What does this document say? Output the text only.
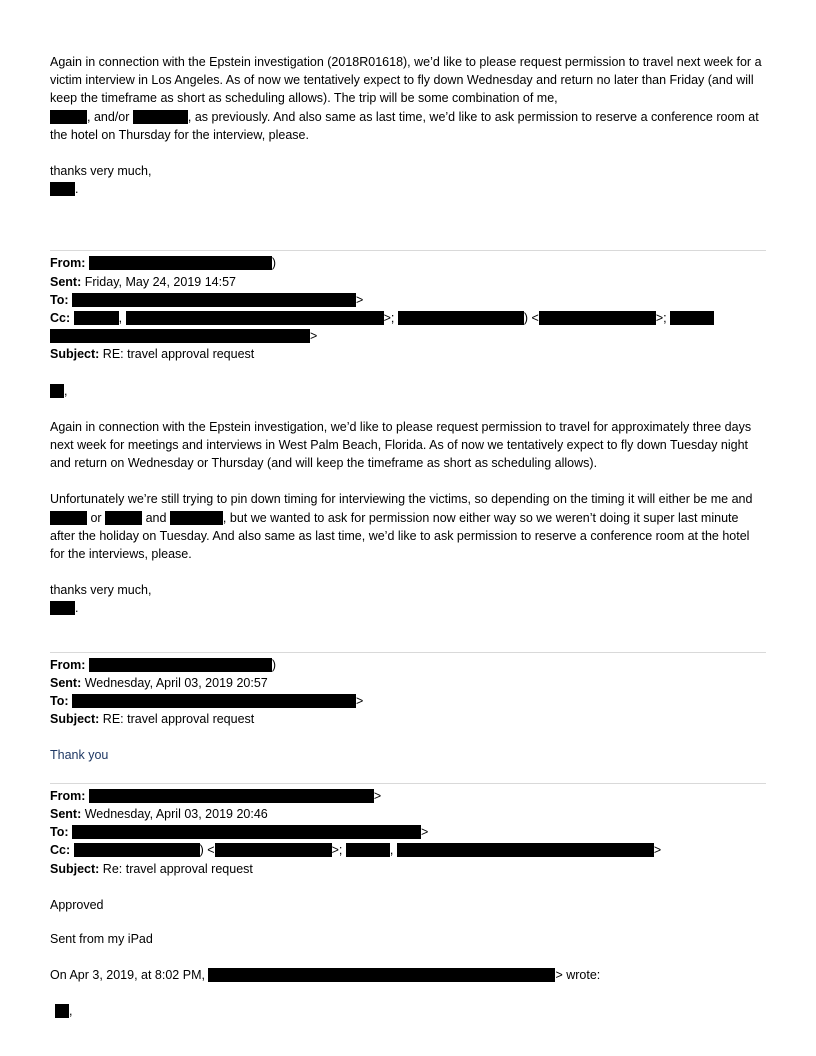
Again in connection with the Epstein investigation (2018R01618), we’d like to please request permission to travel next week for a victim interview in Los Angeles. As of now we tentatively expect to fly down Wednesday and return no later than Friday (and will keep the timeframe as short as scheduling allows). The trip will be some combination of me,
, and/or	, as previously. And also same as last time, we’d like to ask permission to reserve a conference room at the hotel on Thursday for the interview, please.

thanks very much,

.

From:	)
Sent: Friday, May 24, 2019 14:57
To:	>
Cc:	,	>;	) <	>;
>
Subject: RE: travel approval request

,

Again in connection with the Epstein investigation, we’d like to please request permission to travel for approximately three days next week for meetings and interviews in West Palm Beach, Florida. As of now we tentatively expect to fly down Tuesday night and return on Wednesday or Thursday (and will keep the timeframe as short as scheduling allows).

Unfortunately we’re still trying to pin down timing for interviewing the victims, so depending on the timing it will either be me and  or	and	, but we wanted to ask for permission now either way so we weren’t doing it super last minute after the holiday on Tuesday. And also same as last time, we’d like to ask permission to reserve a conference room at the hotel for the interviews, please.

thanks very much,

.

From:	)
Sent: Wednesday, April 03, 2019 20:57
To:	>
Subject: RE: travel approval request

Thank you

From:	>
Sent: Wednesday, April 03, 2019 20:46
To:	>
Cc:	) <	>;	,	>
Subject: Re: travel approval request

Approved

Sent from my iPad

On Apr 3, 2019, at 8:02 PM,	> wrote:

,
